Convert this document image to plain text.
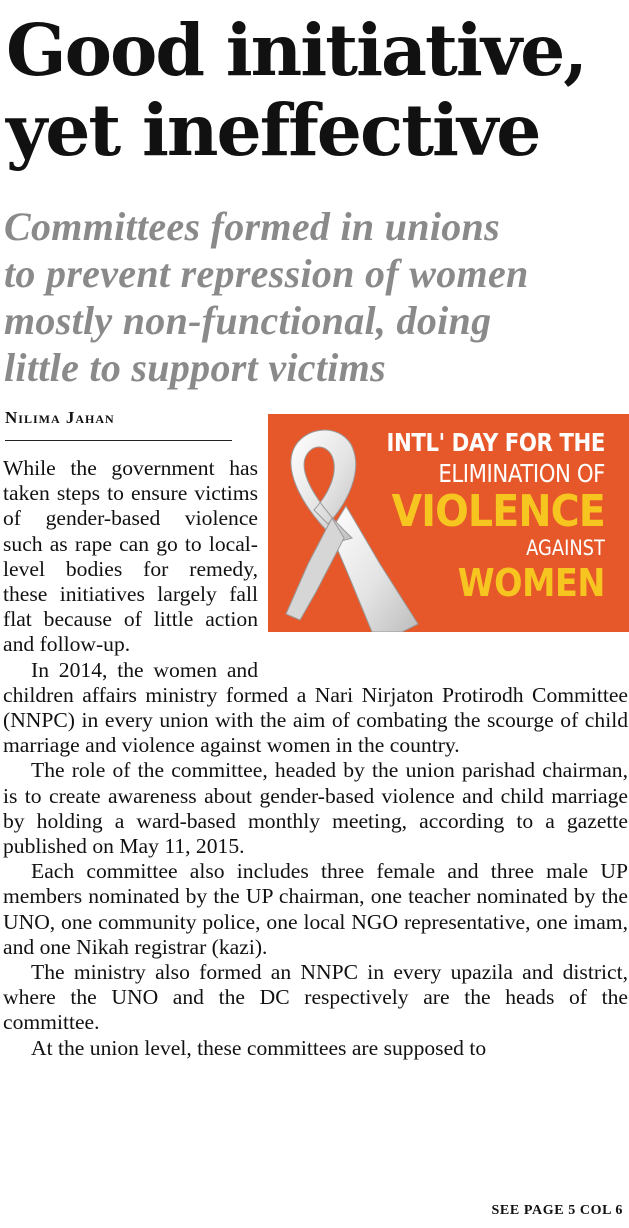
Good initiative,
yet ineffective
Committees formed in unions
to prevent repression of women
mostly non-functional, doing
little to support victims
Nilima Jahan
INTL' DAY FOR THE
ELIMINATION OF
VIOLENCE
AGAINST
WOMEN

While the government has taken steps to ensure victims of gender-based violence such as rape can go to local-level bodies for remedy, these initiatives largely fall flat because of little action and follow-up.

In 2014, the women and children affairs ministry formed a Nari Nirjaton Protirodh Committee (NNPC) in every union with the aim of combating the scourge of child marriage and violence against women in the country.

The role of the committee, headed by the union parishad chairman, is to create awareness about gender-based violence and child marriage by holding a ward-based monthly meeting, according to a gazette published on May 11, 2015.

Each committee also includes three female and three male UP members nominated by the UP chairman, one teacher nominated by the UNO, one community police, one local NGO representative, one imam, and one Nikah registrar (kazi).

The ministry also formed an NNPC in every upazila and district, where the UNO and the DC respectively are the heads of the committee.

At the union level, these committees are supposed to

SEE PAGE 5 COL 6
